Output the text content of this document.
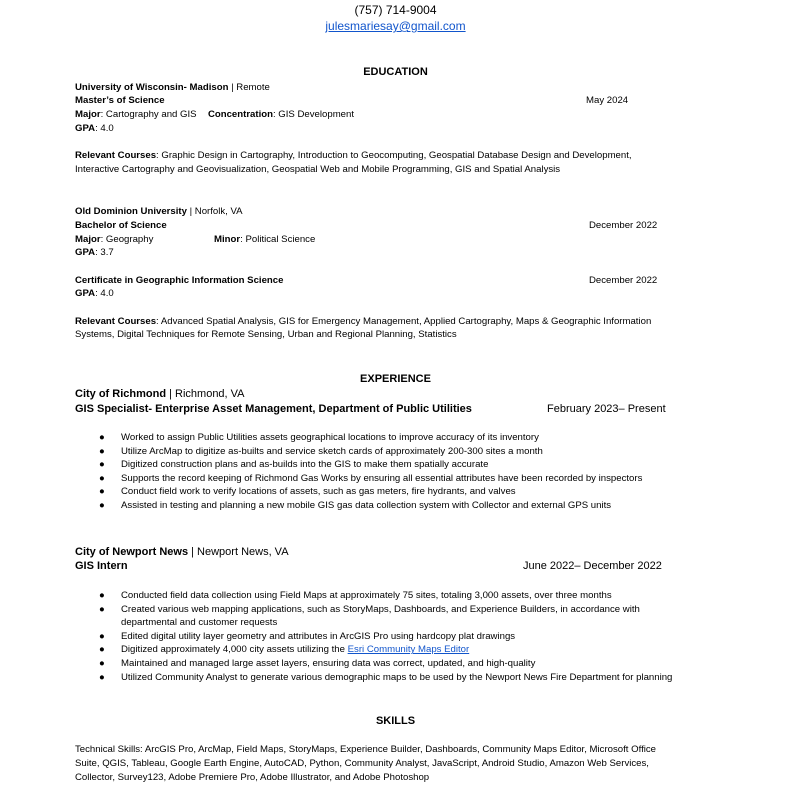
(757) 714-9004
julesmariesay@gmail.com
EDUCATION
University of Wisconsin- Madison | Remote
Master’s of Science	May 2024
Major: Cartography and GIS Concentration: GIS Development
GPA: 4.0
Relevant Courses: Graphic Design in Cartography, Introduction to Geocomputing, Geospatial Database Design and Development,
Interactive Cartography and Geovisualization, Geospatial Web and Mobile Programming, GIS and Spatial Analysis
Old Dominion University | Norfolk, VA
Bachelor of Science	December 2022
Major: Geography	Minor: Political Science
GPA: 3.7
Certificate in Geographic Information Science	December 2022
GPA: 4.0
Relevant Courses: Advanced Spatial Analysis, GIS for Emergency Management, Applied Cartography, Maps & Geographic Information
Systems, Digital Techniques for Remote Sensing, Urban and Regional Planning, Statistics
EXPERIENCE
City of Richmond | Richmond, VA
GIS Specialist- Enterprise Asset Management, Department of Public Utilities	February 2023– Present
● Worked to assign Public Utilities assets geographical locations to improve accuracy of its inventory
● Utilize ArcMap to digitize as-builts and service sketch cards of approximately 200-300 sites a month
● Digitized construction plans and as-builds into the GIS to make them spatially accurate
● Supports the record keeping of Richmond Gas Works by ensuring all essential attributes have been recorded by inspectors
● Conduct field work to verify locations of assets, such as gas meters, fire hydrants, and valves
● Assisted in testing and planning a new mobile GIS gas data collection system with Collector and external GPS units
City of Newport News | Newport News, VA
GIS Intern	June 2022– December 2022
● Conducted field data collection using Field Maps at approximately 75 sites, totaling 3,000 assets, over three months
● Created various web mapping applications, such as StoryMaps, Dashboards, and Experience Builders, in accordance with
departmental and customer requests
● Edited digital utility layer geometry and attributes in ArcGIS Pro using hardcopy plat drawings
● Digitized approximately 4,000 city assets utilizing the Esri Community Maps Editor
● Maintained and managed large asset layers, ensuring data was correct, updated, and high-quality
● Utilized Community Analyst to generate various demographic maps to be used by the Newport News Fire Department for planning
SKILLS
Technical Skills: ArcGIS Pro, ArcMap, Field Maps, StoryMaps, Experience Builder, Dashboards, Community Maps Editor, Microsoft Office
Suite, QGIS, Tableau, Google Earth Engine, AutoCAD, Python, Community Analyst, JavaScript, Android Studio, Amazon Web Services,
Collector, Survey123, Adobe Premiere Pro, Adobe Illustrator, and Adobe Photoshop
